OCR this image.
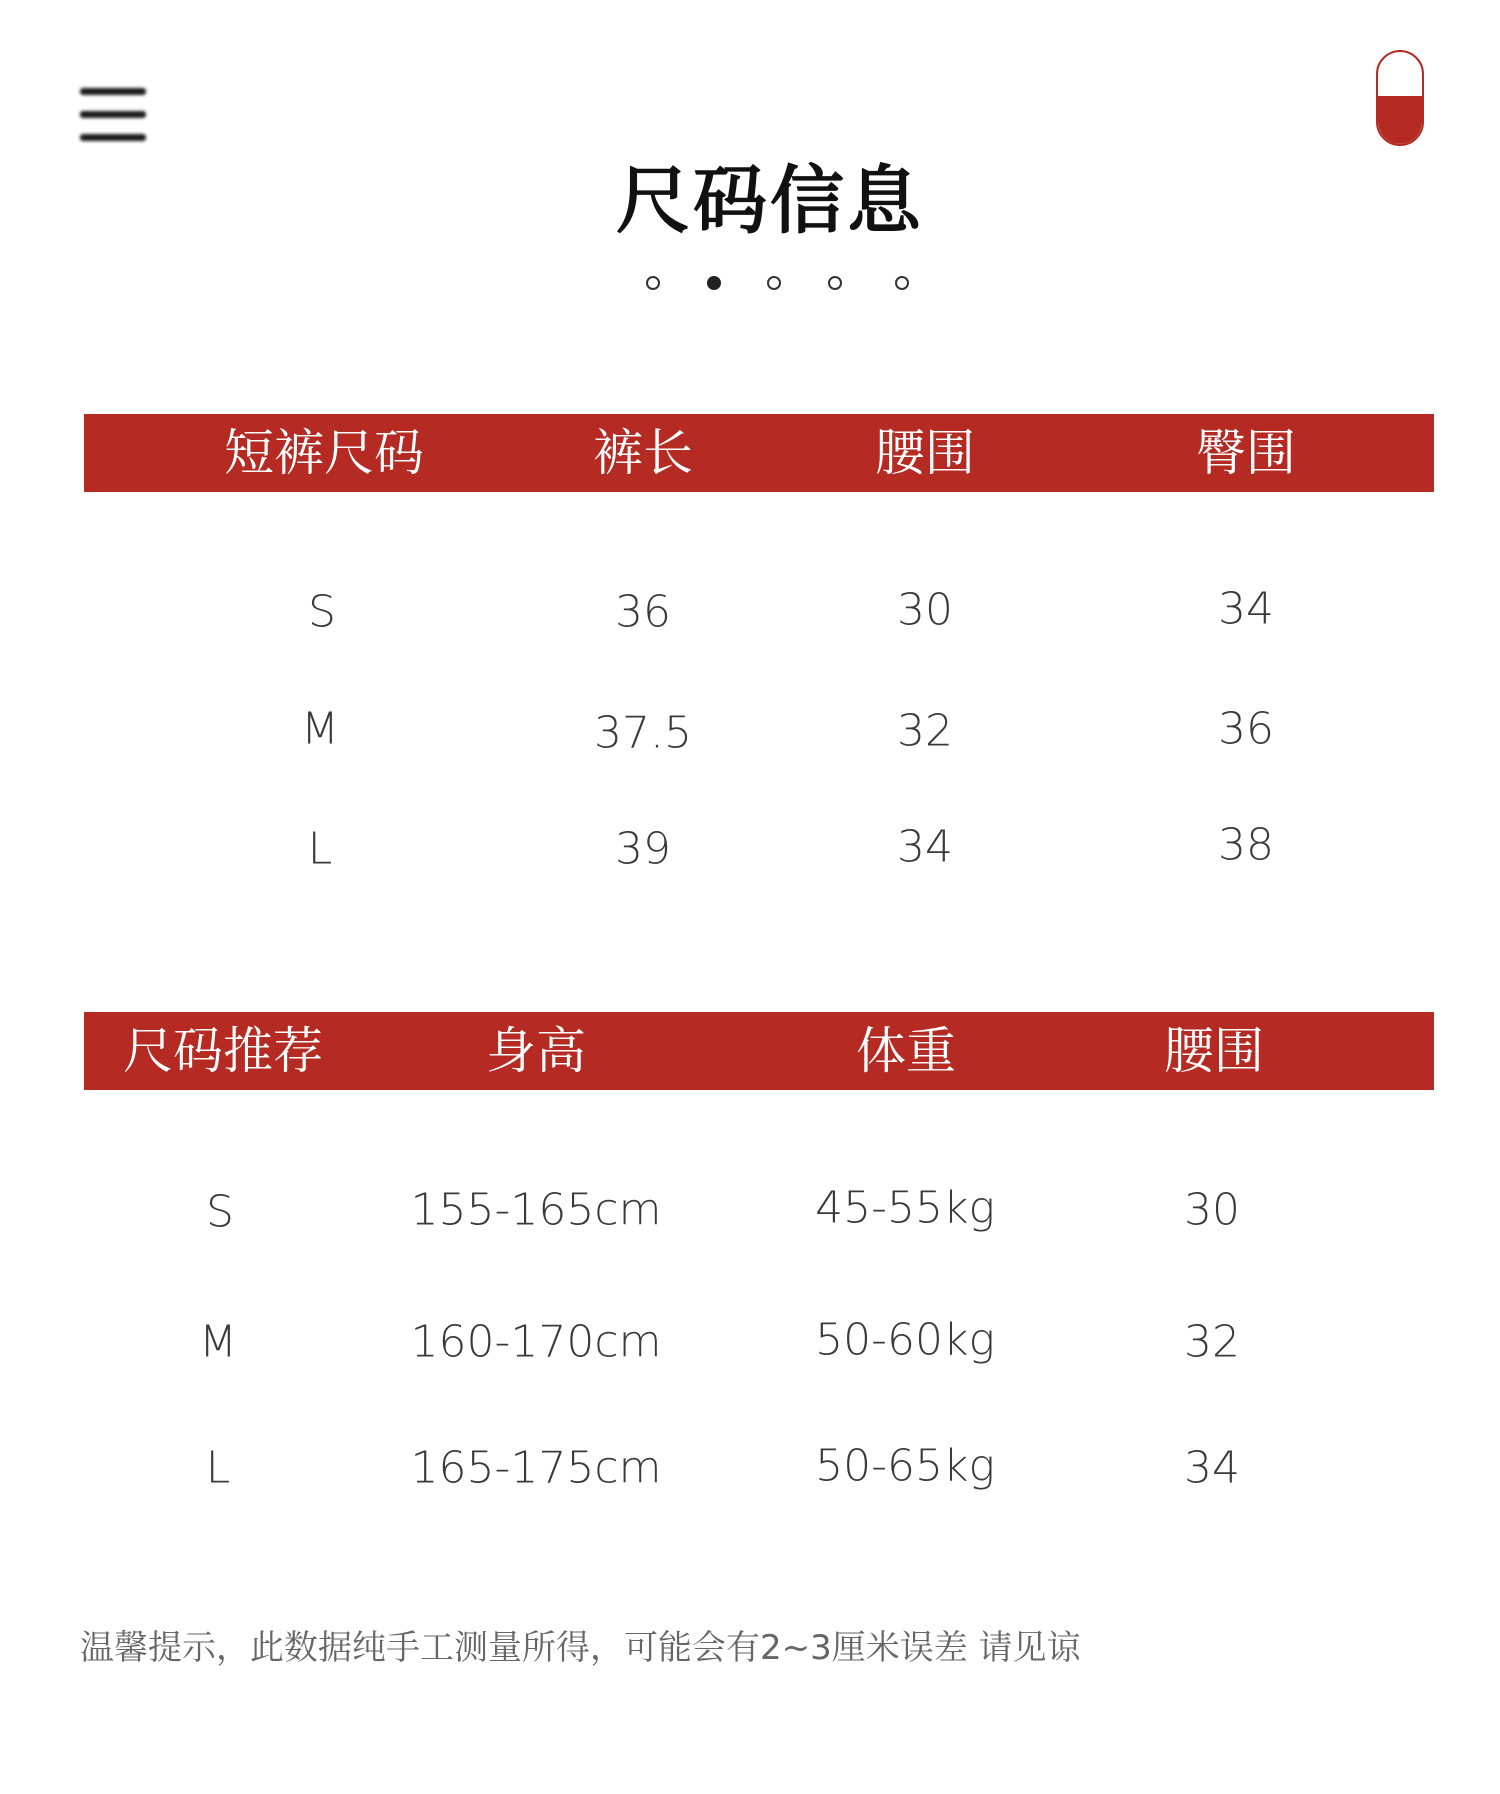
尺码信息
短裤尺码	裤长	腰围	臀围
S	36	30	34
M	37.5	32	36
L	39	34	38
尺码推荐	身高	体重	腰围
S	155-165cm	45-55kg	30
M	160-170cm	50-60kg	32
L	165-175cm	50-65kg	34
温馨提示，此数据纯手工测量所得，可能会有2~3厘米误差 请见谅
